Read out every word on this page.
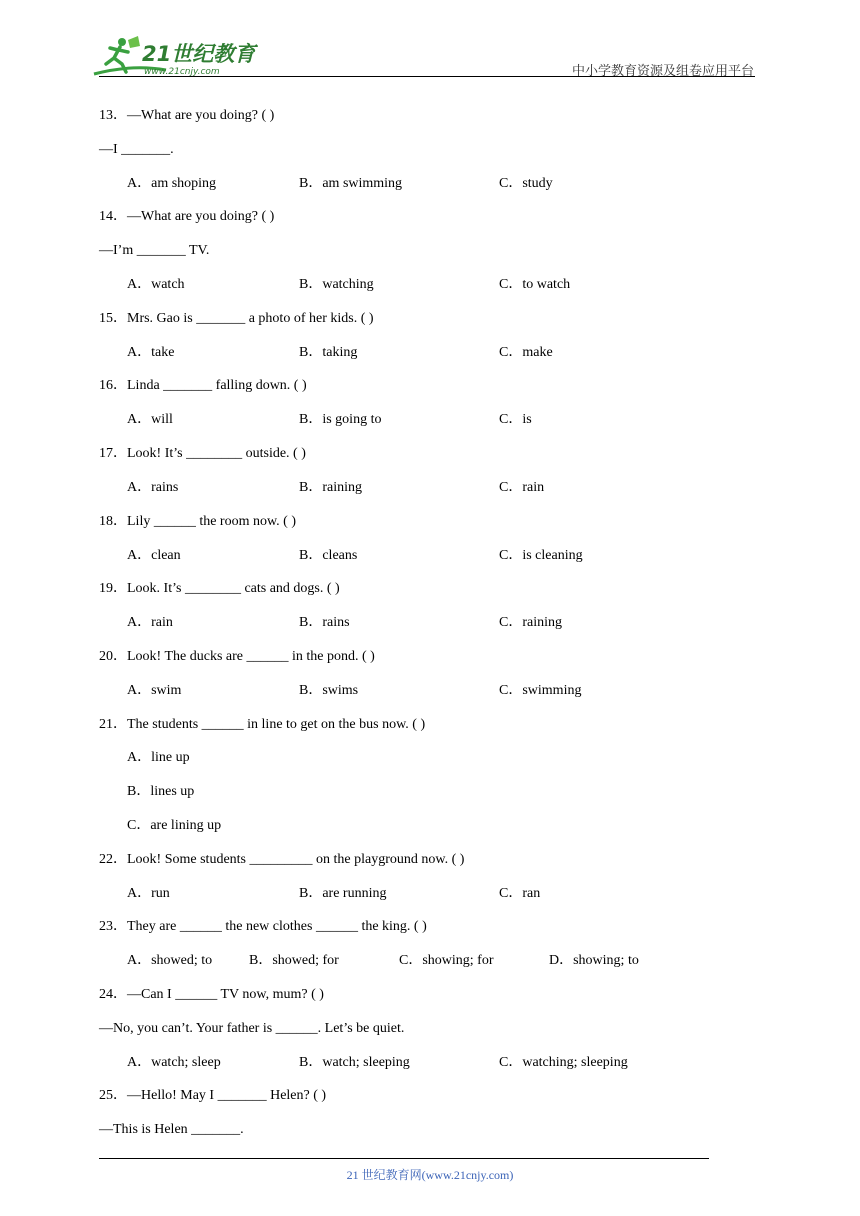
21世纪教育
www.21cnjy.com	中小学教育资源及组卷应用平台
13．—What are you doing? ( )
—I _______.
A．am shoping	B．am swimming	C．study
14．—What are you doing? ( )
—I’m _______ TV.
A．watch	B．watching	C．to watch
15．Mrs. Gao is _______ a photo of her kids. ( )
A．take	B．taking	C．make
16．Linda _______ falling down. ( )
A．will	B．is going to	C．is
17．Look! It’s ________ outside. ( )
A．rains	B．raining	C．rain
18．Lily ______ the room now. ( )
A．clean	B．cleans	C．is cleaning
19．Look. It’s ________ cats and dogs. ( )
A．rain	B．rains	C．raining
20．Look! The ducks are ______ in the pond. ( )
A．swim	B．swims	C．swimming
21．The students ______ in line to get on the bus now. ( )
A．line up
B．lines up
C．are lining up
22．Look! Some students _________ on the playground now. ( )
A．run	B．are running	C．ran
23．They are ______ the new clothes ______ the king. ( )
A．showed; to	B．showed; for	C．showing; for	D．showing; to
24．—Can I ______ TV now, mum? ( )
—No, you can’t. Your father is ______. Let’s be quiet.
A．watch; sleep	B．watch; sleeping	C．watching; sleeping
25．—Hello! May I _______ Helen? ( )
—This is Helen _______.
21 世纪教育网(www.21cnjy.com)
